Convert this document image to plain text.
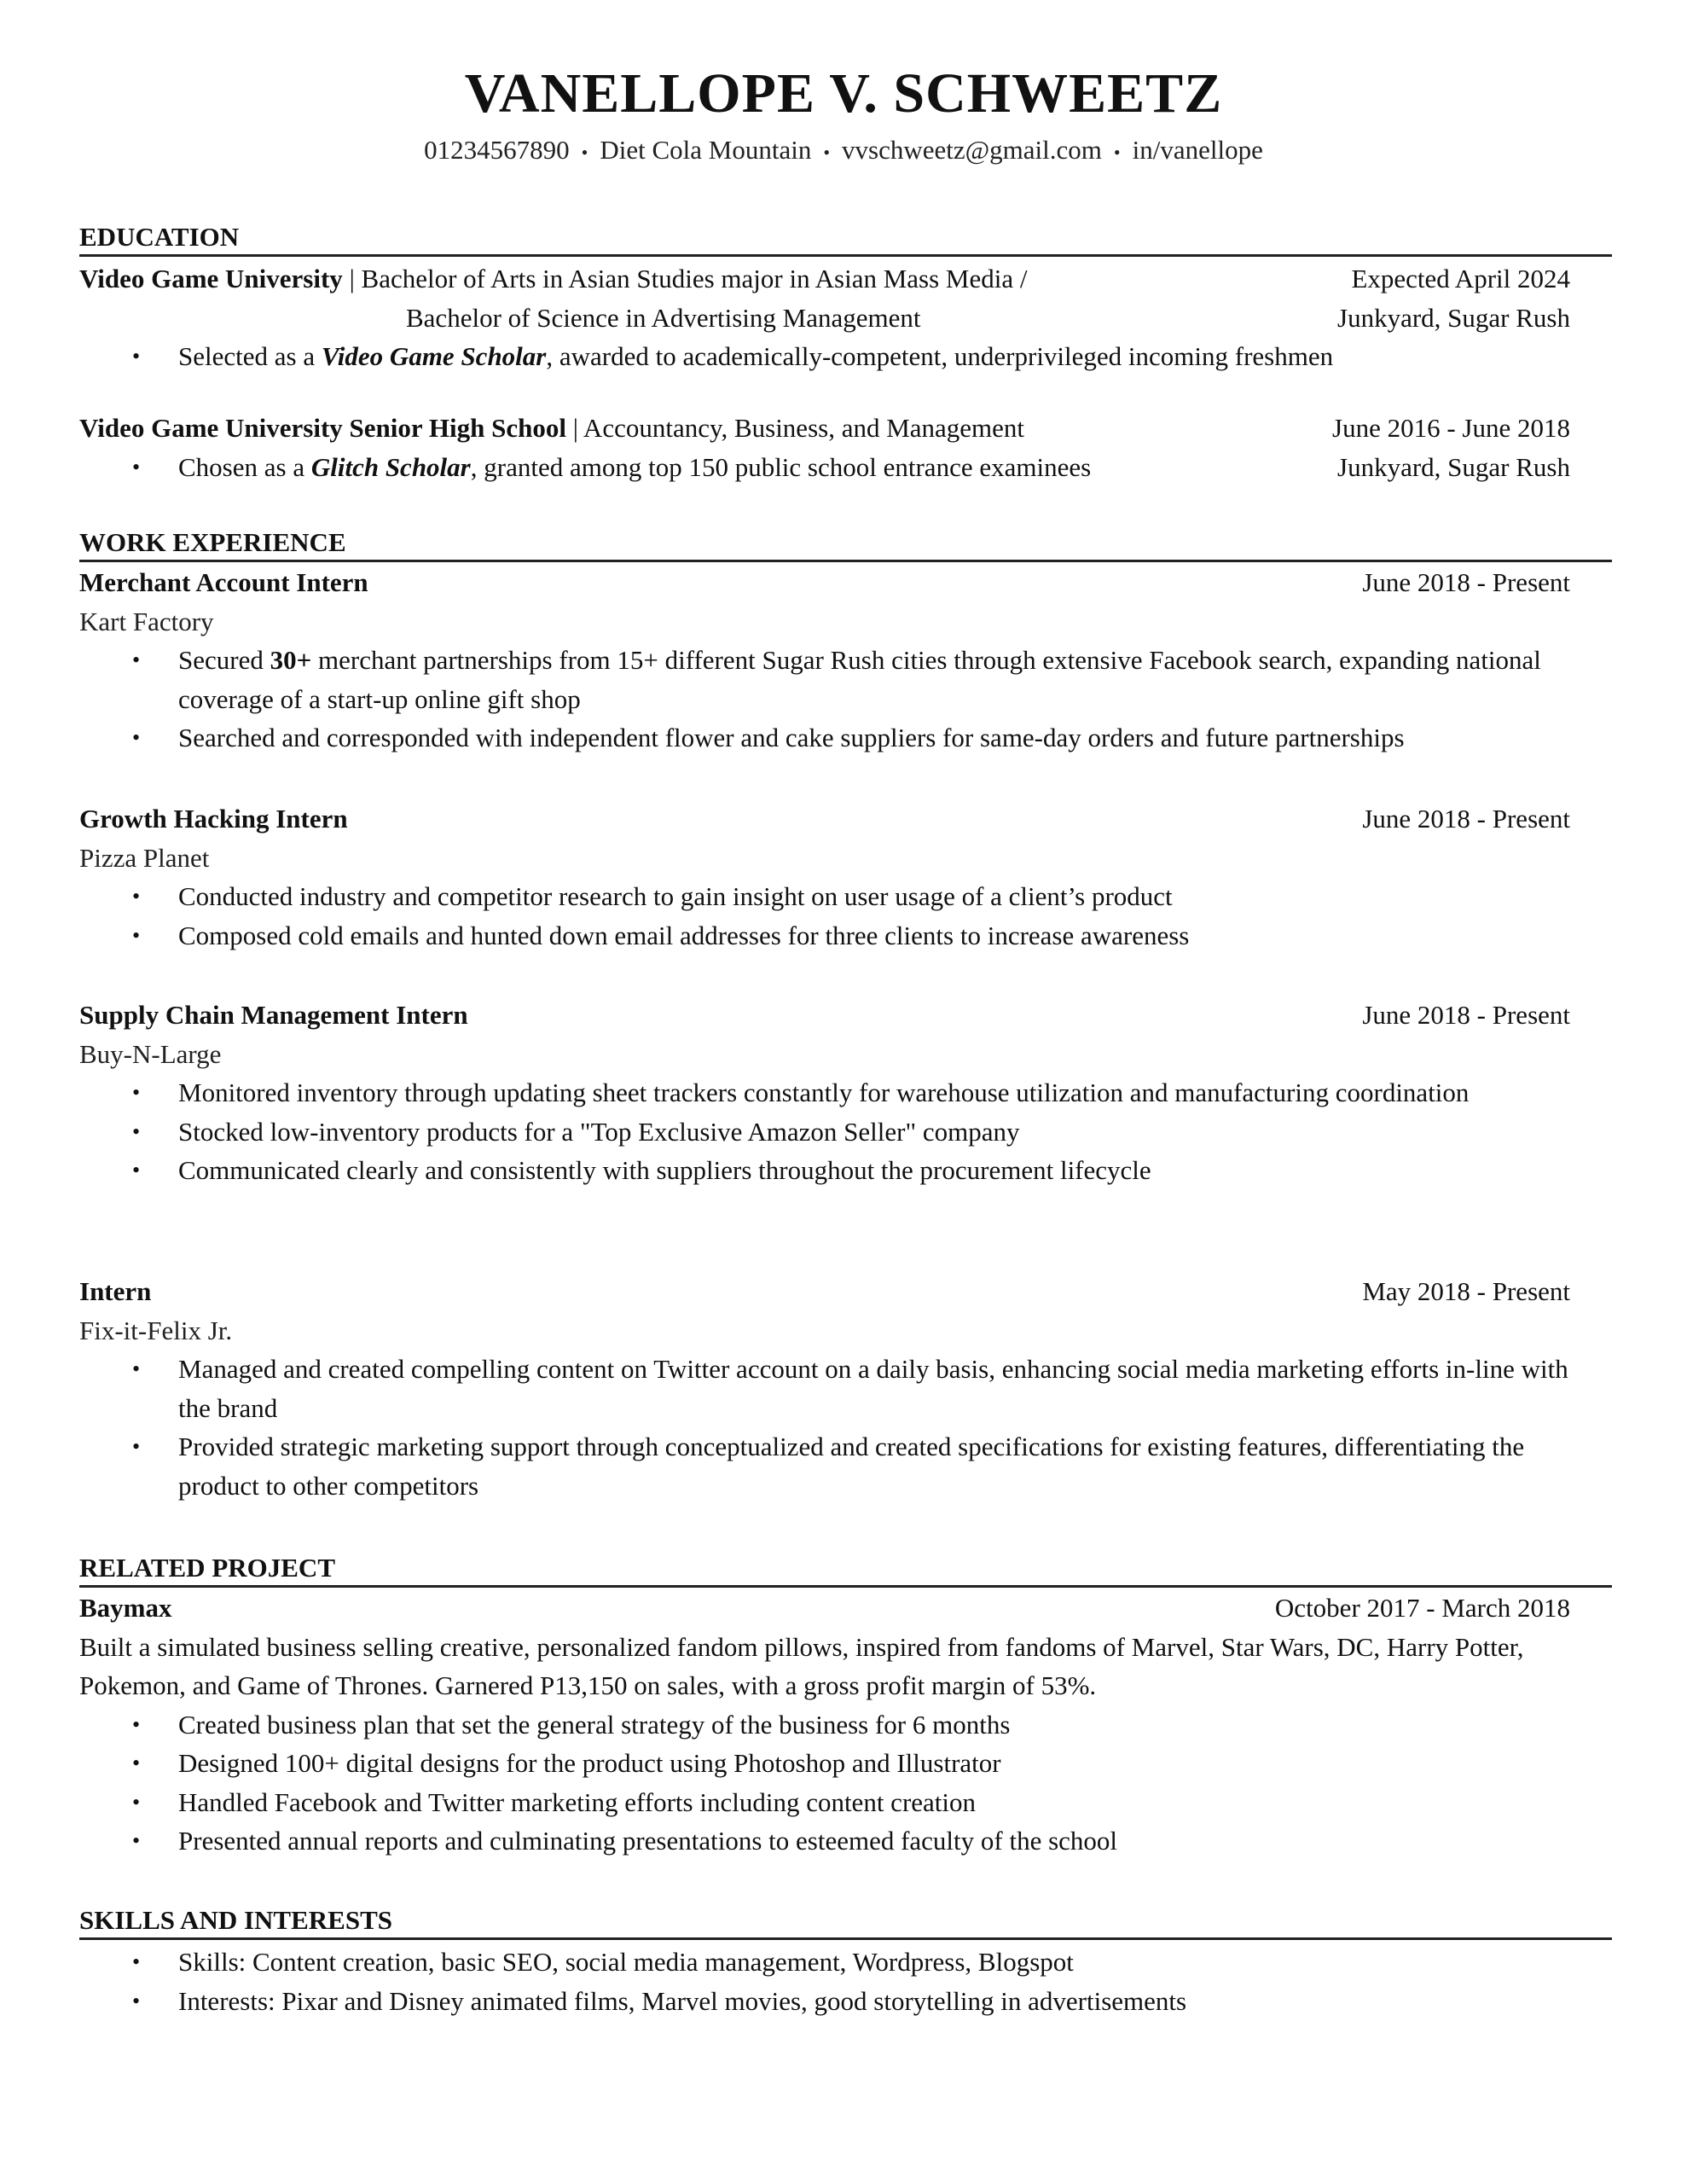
VANELLOPE V. SCHWEETZ
01234567890 • Diet Cola Mountain • vvschweetz@gmail.com • in/vanellope
EDUCATION
Video Game University | Bachelor of Arts in Asian Studies major in Asian Mass Media /	Expected April 2024
Bachelor of Science in Advertising Management	Junkyard, Sugar Rush
• Selected as a Video Game Scholar, awarded to academically-competent, underprivileged incoming freshmen
Video Game University Senior High School | Accountancy, Business, and Management	June 2016 - June 2018
• Chosen as a Glitch Scholar, granted among top 150 public school entrance examinees	Junkyard, Sugar Rush
WORK EXPERIENCE
Merchant Account Intern	June 2018 - Present
Kart Factory
• Secured 30+ merchant partnerships from 15+ different Sugar Rush cities through extensive Facebook search, expanding national coverage of a start-up online gift shop
• Searched and corresponded with independent flower and cake suppliers for same-day orders and future partnerships
Growth Hacking Intern	June 2018 - Present
Pizza Planet
• Conducted industry and competitor research to gain insight on user usage of a client’s product
• Composed cold emails and hunted down email addresses for three clients to increase awareness
Supply Chain Management Intern	June 2018 - Present
Buy-N-Large
• Monitored inventory through updating sheet trackers constantly for warehouse utilization and manufacturing coordination
• Stocked low-inventory products for a "Top Exclusive Amazon Seller" company
• Communicated clearly and consistently with suppliers throughout the procurement lifecycle
Intern	May 2018 - Present
Fix-it-Felix Jr.
• Managed and created compelling content on Twitter account on a daily basis, enhancing social media marketing efforts in-line with the brand
• Provided strategic marketing support through conceptualized and created specifications for existing features, differentiating the product to other competitors
RELATED PROJECT
Baymax	October 2017 - March 2018
Built a simulated business selling creative, personalized fandom pillows, inspired from fandoms of Marvel, Star Wars, DC, Harry Potter, Pokemon, and Game of Thrones. Garnered P13,150 on sales, with a gross profit margin of 53%.
• Created business plan that set the general strategy of the business for 6 months
• Designed 100+ digital designs for the product using Photoshop and Illustrator
• Handled Facebook and Twitter marketing efforts including content creation
• Presented annual reports and culminating presentations to esteemed faculty of the school
SKILLS AND INTERESTS
• Skills: Content creation, basic SEO, social media management, Wordpress, Blogspot
• Interests: Pixar and Disney animated films, Marvel movies, good storytelling in advertisements
